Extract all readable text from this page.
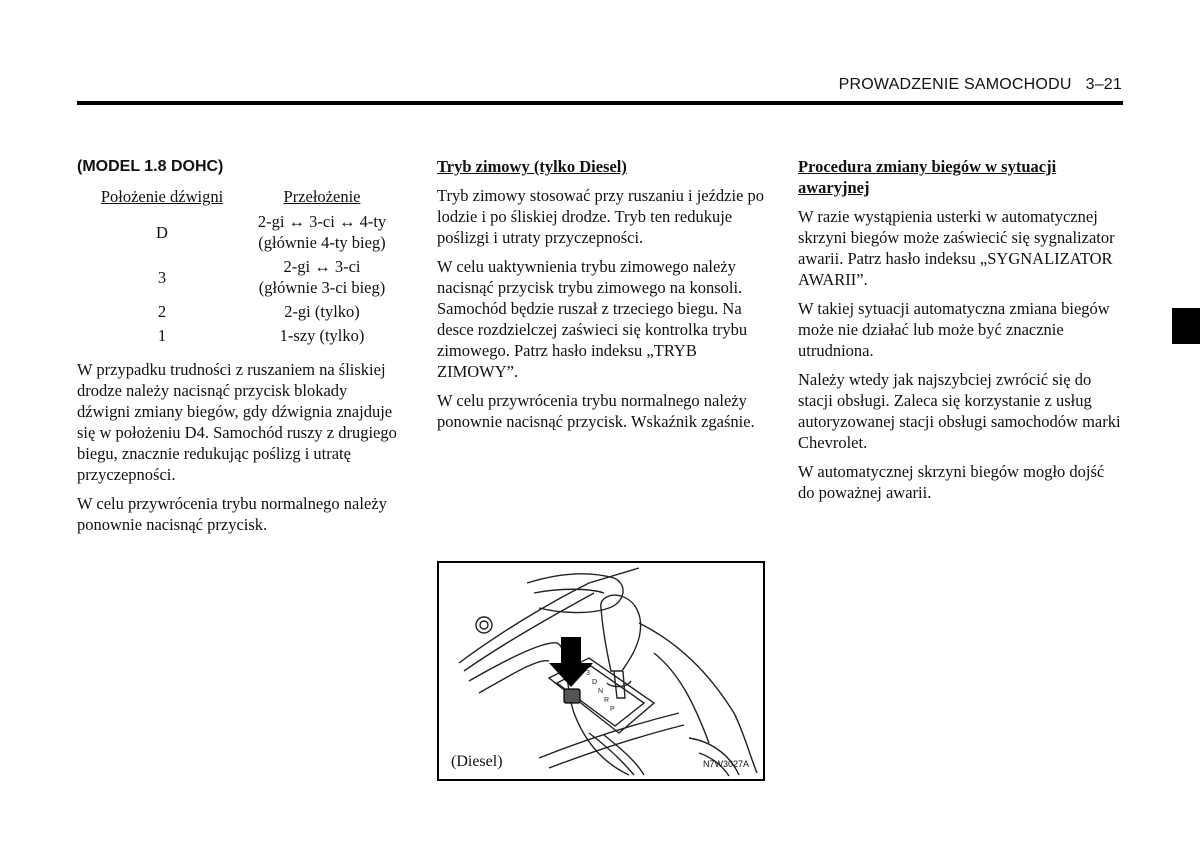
PROWADZENIE SAMOCHODU 3–21
(MODEL 1.8 DOHC)
Położenie dźwigni	Przełożenie
D	2-gi ↔ 3-ci ↔ 4-ty
(głównie 4-ty bieg)

3	2-gi ↔ 3-ci
(głównie 3-ci bieg)

2	2-gi (tylko)
1	1-szy (tylko)

W przypadku trudności z ruszaniem na śliskiej drodze należy nacisnąć przycisk blokady dźwigni zmiany biegów, gdy dźwignia znajduje się w położeniu D4. Samochód ruszy z drugiego biegu, znacznie redukując poślizg i utratę przyczepności.

W celu przywrócenia trybu normalnego należy ponownie nacisnąć przycisk.

Tryb zimowy (tylko Diesel)

Tryb zimowy stosować przy ruszaniu i jeździe po lodzie i po śliskiej drodze. Tryb ten redukuje poślizgi i utraty przyczepności.

W celu uaktywnienia trybu zimowego należy nacisnąć przycisk trybu zimowego na konsoli. Samochód będzie ruszał z trzeciego biegu. Na desce rozdzielczej zaświeci się kontrolka trybu zimowego. Patrz hasło indeksu „TRYB ZIMOWY”.

W celu przywrócenia trybu normalnego należy ponownie nacisnąć przycisk. Wskaźnik zgaśnie.

Procedura zmiany biegów w sytuacji awaryjnej

W razie wystąpienia usterki w automatycznej skrzyni biegów może zaświecić się sygnalizator awarii. Patrz hasło indeksu „SYGNALIZATOR AWARII”.

W takiej sytuacji automatyczna zmiana biegów może nie działać lub może być znacznie utrudniona.

Należy wtedy jak najszybciej zwrócić się do stacji obsługi. Zaleca się korzystanie z usług autoryzowanej stacji obsługi samochodów marki Chevrolet.

W automatycznej skrzyni biegów mogło dojść do poważnej awarii.

3
D
N
R
P
(Diesel)	N7W3027A
